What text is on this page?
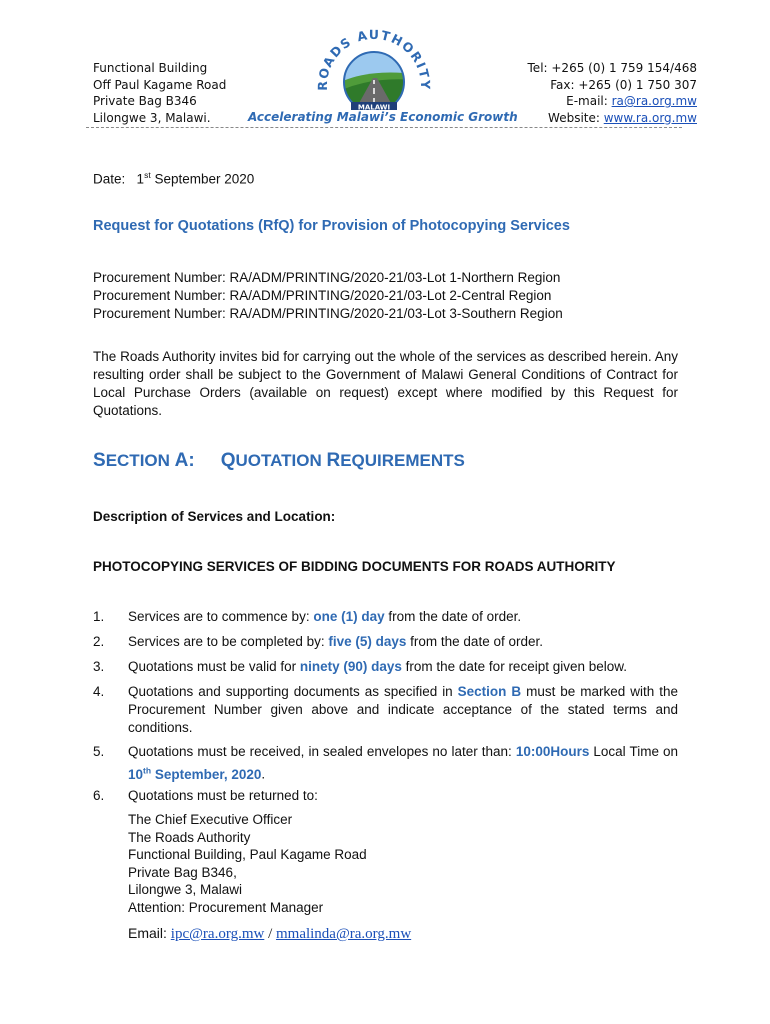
Functional Building
Off Paul Kagame Road
Private Bag B346
Lilongwe 3, Malawi.
ROADS AUTHORITY
MALAWI
Accelerating Malawi’s Economic Growth
Tel: +265 (0) 1 759 154/468
Fax: +265 (0) 1 750 307
E-mail: ra@ra.org.mw
Website: www.ra.org.mw
Date: 1st September 2020
Request for Quotations (RfQ) for Provision of Photocopying Services
Procurement Number: RA/ADM/PRINTING/2020-21/03-Lot 1-Northern Region
Procurement Number: RA/ADM/PRINTING/2020-21/03-Lot 2-Central Region
Procurement Number: RA/ADM/PRINTING/2020-21/03-Lot 3-Southern Region
The Roads Authority invites bid for carrying out the whole of the services as described herein. Any resulting order shall be subject to the Government of Malawi General Conditions of Contract for Local Purchase Orders (available on request) except where modified by this Request for Quotations.
SECTION A: QUOTATION REQUIREMENTS
Description of Services and Location:
PHOTOCOPYING SERVICES OF BIDDING DOCUMENTS FOR ROADS AUTHORITY
1. Services are to commence by: one (1) day from the date of order.
2. Services are to be completed by: five (5) days from the date of order.
3. Quotations must be valid for ninety (90) days from the date for receipt given below.
4. Quotations and supporting documents as specified in Section B must be marked with the Procurement Number given above and indicate acceptance of the stated terms and conditions.
5. Quotations must be received, in sealed envelopes no later than: 10:00Hours Local Time on 10th September, 2020.
6. Quotations must be returned to:
The Chief Executive Officer
The Roads Authority
Functional Building, Paul Kagame Road
Private Bag B346,
Lilongwe 3, Malawi
Attention: Procurement Manager
Email: ipc@ra.org.mw / mmalinda@ra.org.mw
